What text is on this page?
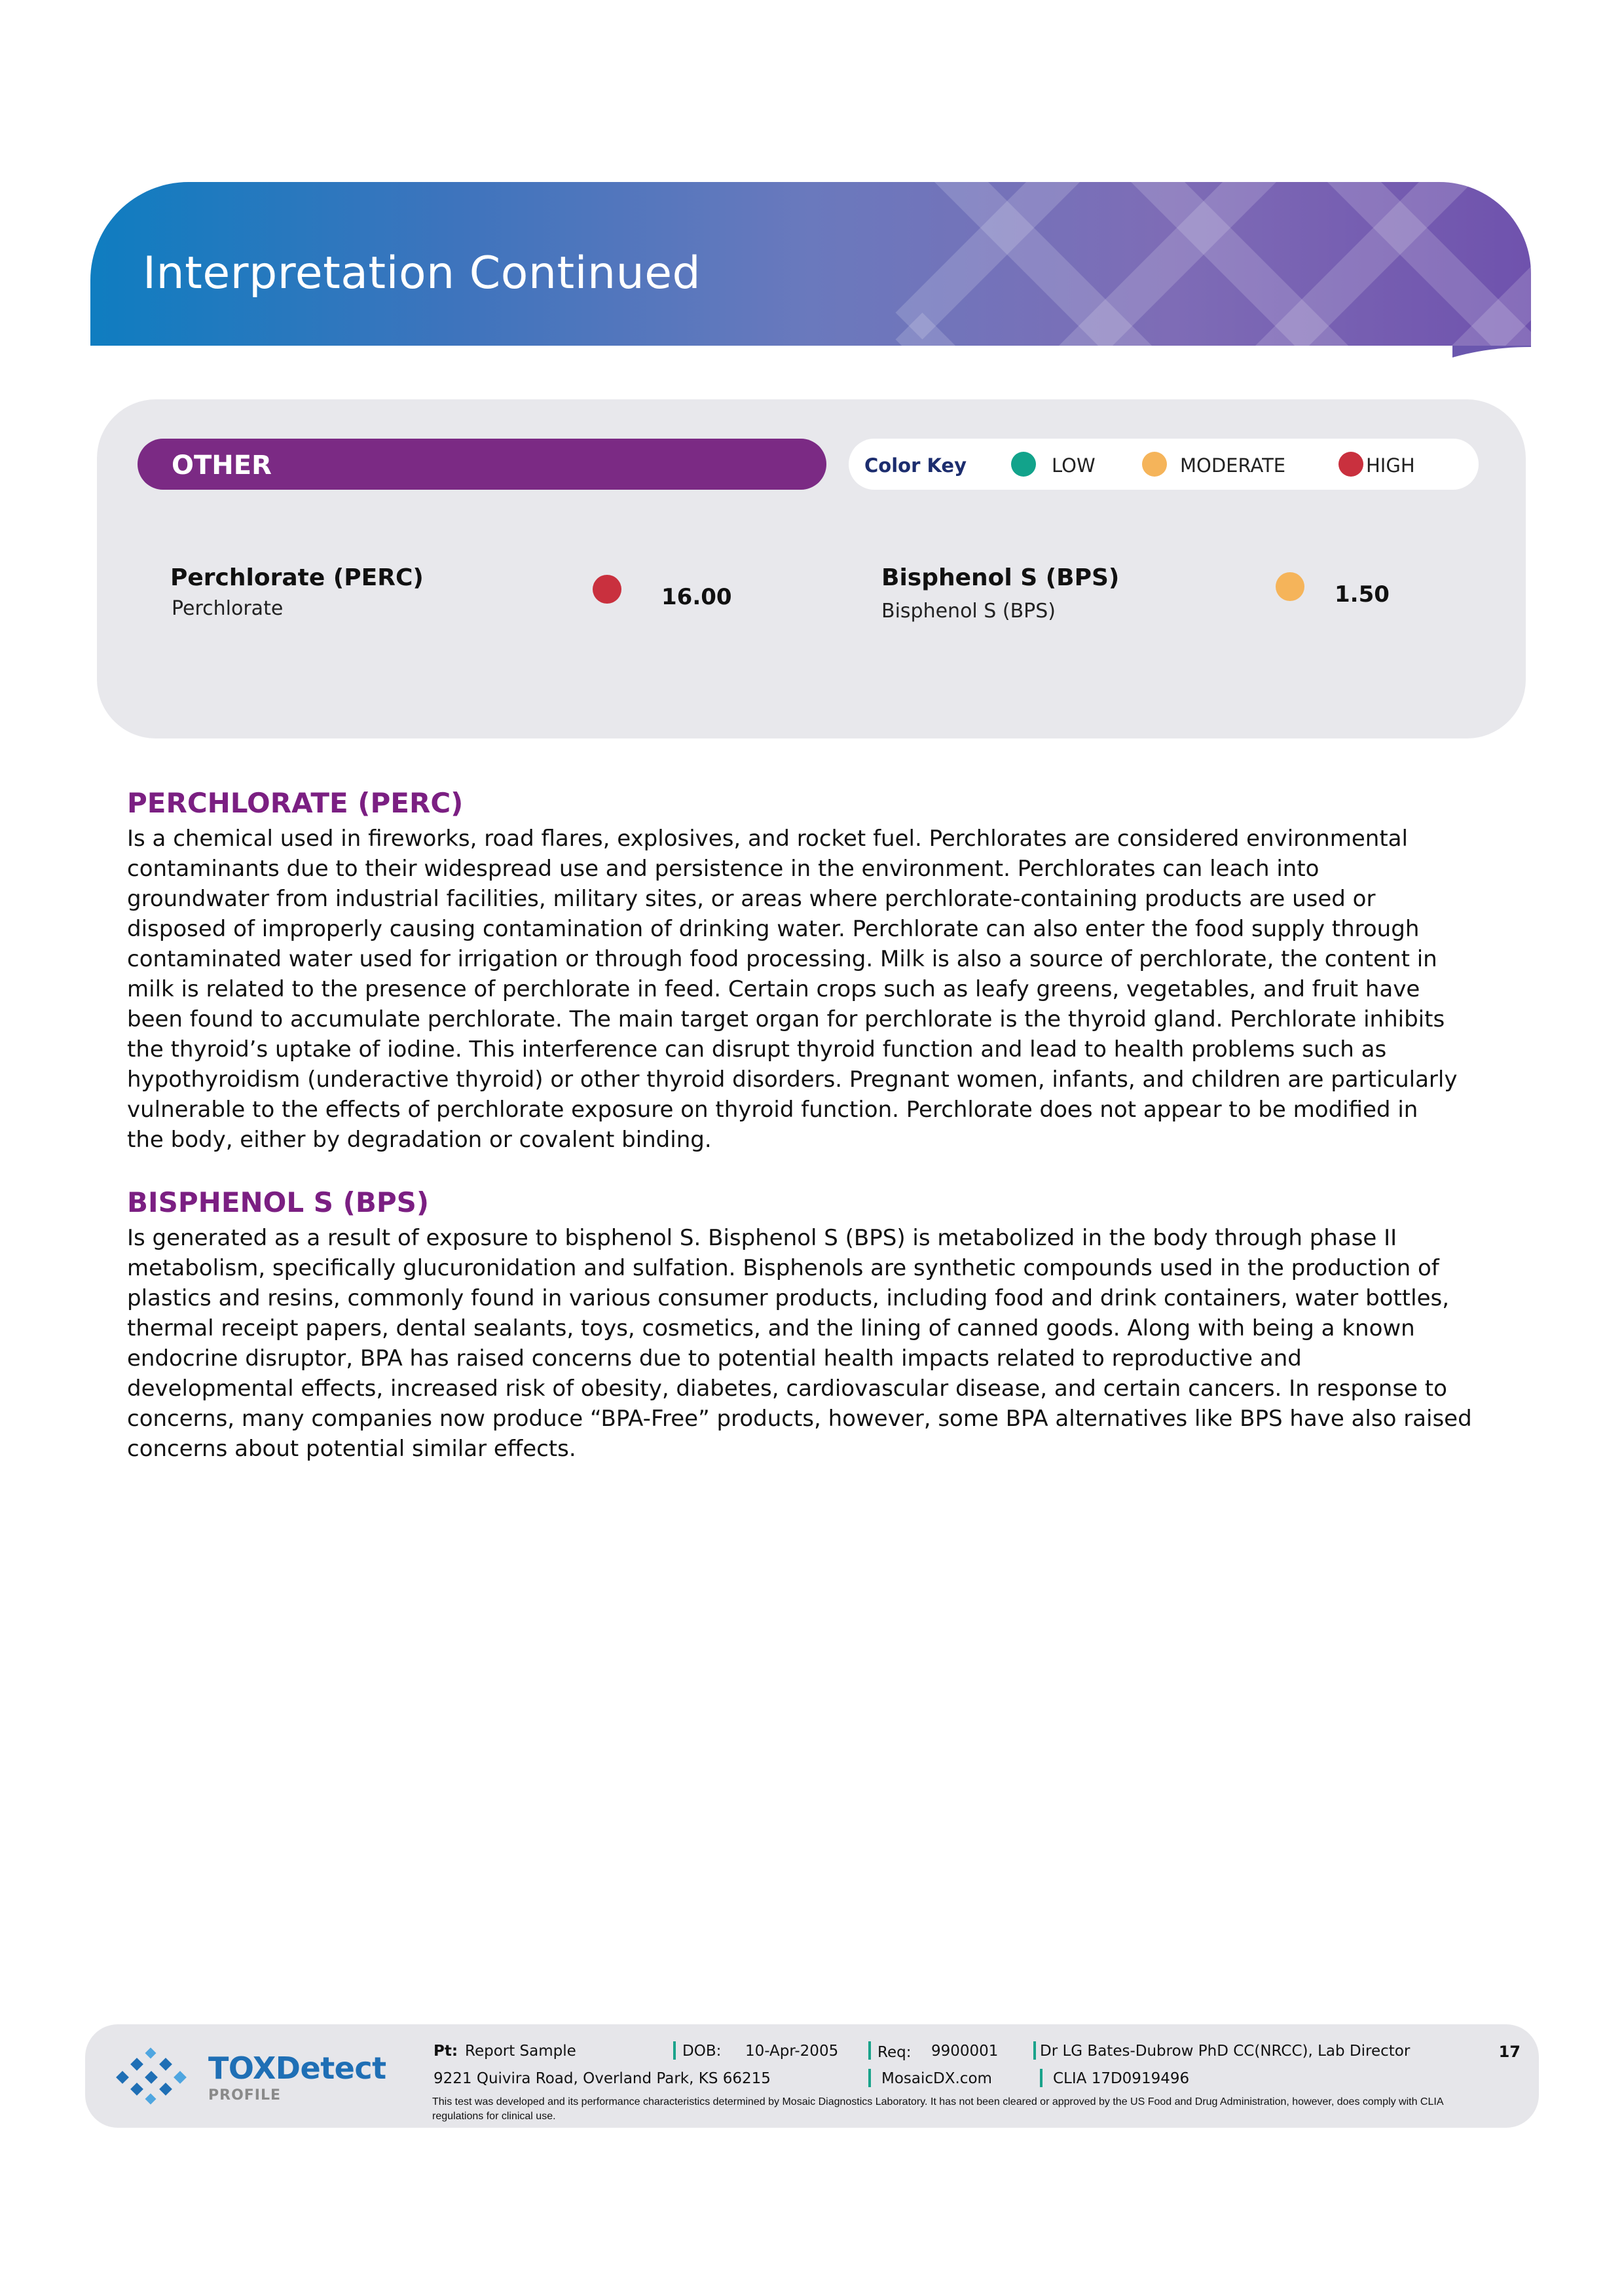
Interpretation Continued
OTHER	Color Key	LOW	MODERATE	HIGH
Perchlorate (PERC)
Perchlorate	16.00
Bisphenol S (BPS)
Bisphenol S (BPS)
1.50
PERCHLORATE (PERC)
Is a chemical used in fireworks, road flares, explosives, and rocket fuel. Perchlorates are considered environmental
contaminants due to their widespread use and persistence in the environment. Perchlorates can leach into
groundwater from industrial facilities, military sites, or areas where perchlorate-containing products are used or
disposed of improperly causing contamination of drinking water. Perchlorate can also enter the food supply through
contaminated water used for irrigation or through food processing. Milk is also a source of perchlorate, the content in
milk is related to the presence of perchlorate in feed. Certain crops such as leafy greens, vegetables, and fruit have
been found to accumulate perchlorate. The main target organ for perchlorate is the thyroid gland. Perchlorate inhibits
the thyroid’s uptake of iodine. This interference can disrupt thyroid function and lead to health problems such as
hypothyroidism (underactive thyroid) or other thyroid disorders. Pregnant women, infants, and children are particularly
vulnerable to the effects of perchlorate exposure on thyroid function. Perchlorate does not appear to be modified in
the body, either by degradation or covalent binding.
BISPHENOL S (BPS)
Is generated as a result of exposure to bisphenol S. Bisphenol S (BPS) is metabolized in the body through phase II
metabolism, specifically glucuronidation and sulfation. Bisphenols are synthetic compounds used in the production of
plastics and resins, commonly found in various consumer products, including food and drink containers, water bottles,
thermal receipt papers, dental sealants, toys, cosmetics, and the lining of canned goods. Along with being a known
endocrine disruptor, BPA has raised concerns due to potential health impacts related to reproductive and
developmental effects, increased risk of obesity, diabetes, cardiovascular disease, and certain cancers. In response to
concerns, many companies now produce “BPA-Free” products, however, some BPA alternatives like BPS have also raised
concerns about potential similar effects.
TOXDetect
PROFILE
Pt: Report Sample	DOB: 10-Apr-2005	Req: 9900001	Dr LG Bates-Dubrow PhD CC(NRCC), Lab Director	17
9221 Quivira Road, Overland Park, KS 66215	MosaicDX.com	CLIA 17D0919496
This test was developed and its performance characteristics determined by Mosaic Diagnostics Laboratory. It has not been cleared or approved by the US Food and Drug Administration, however, does comply with CLIA
regulations for clinical use.
